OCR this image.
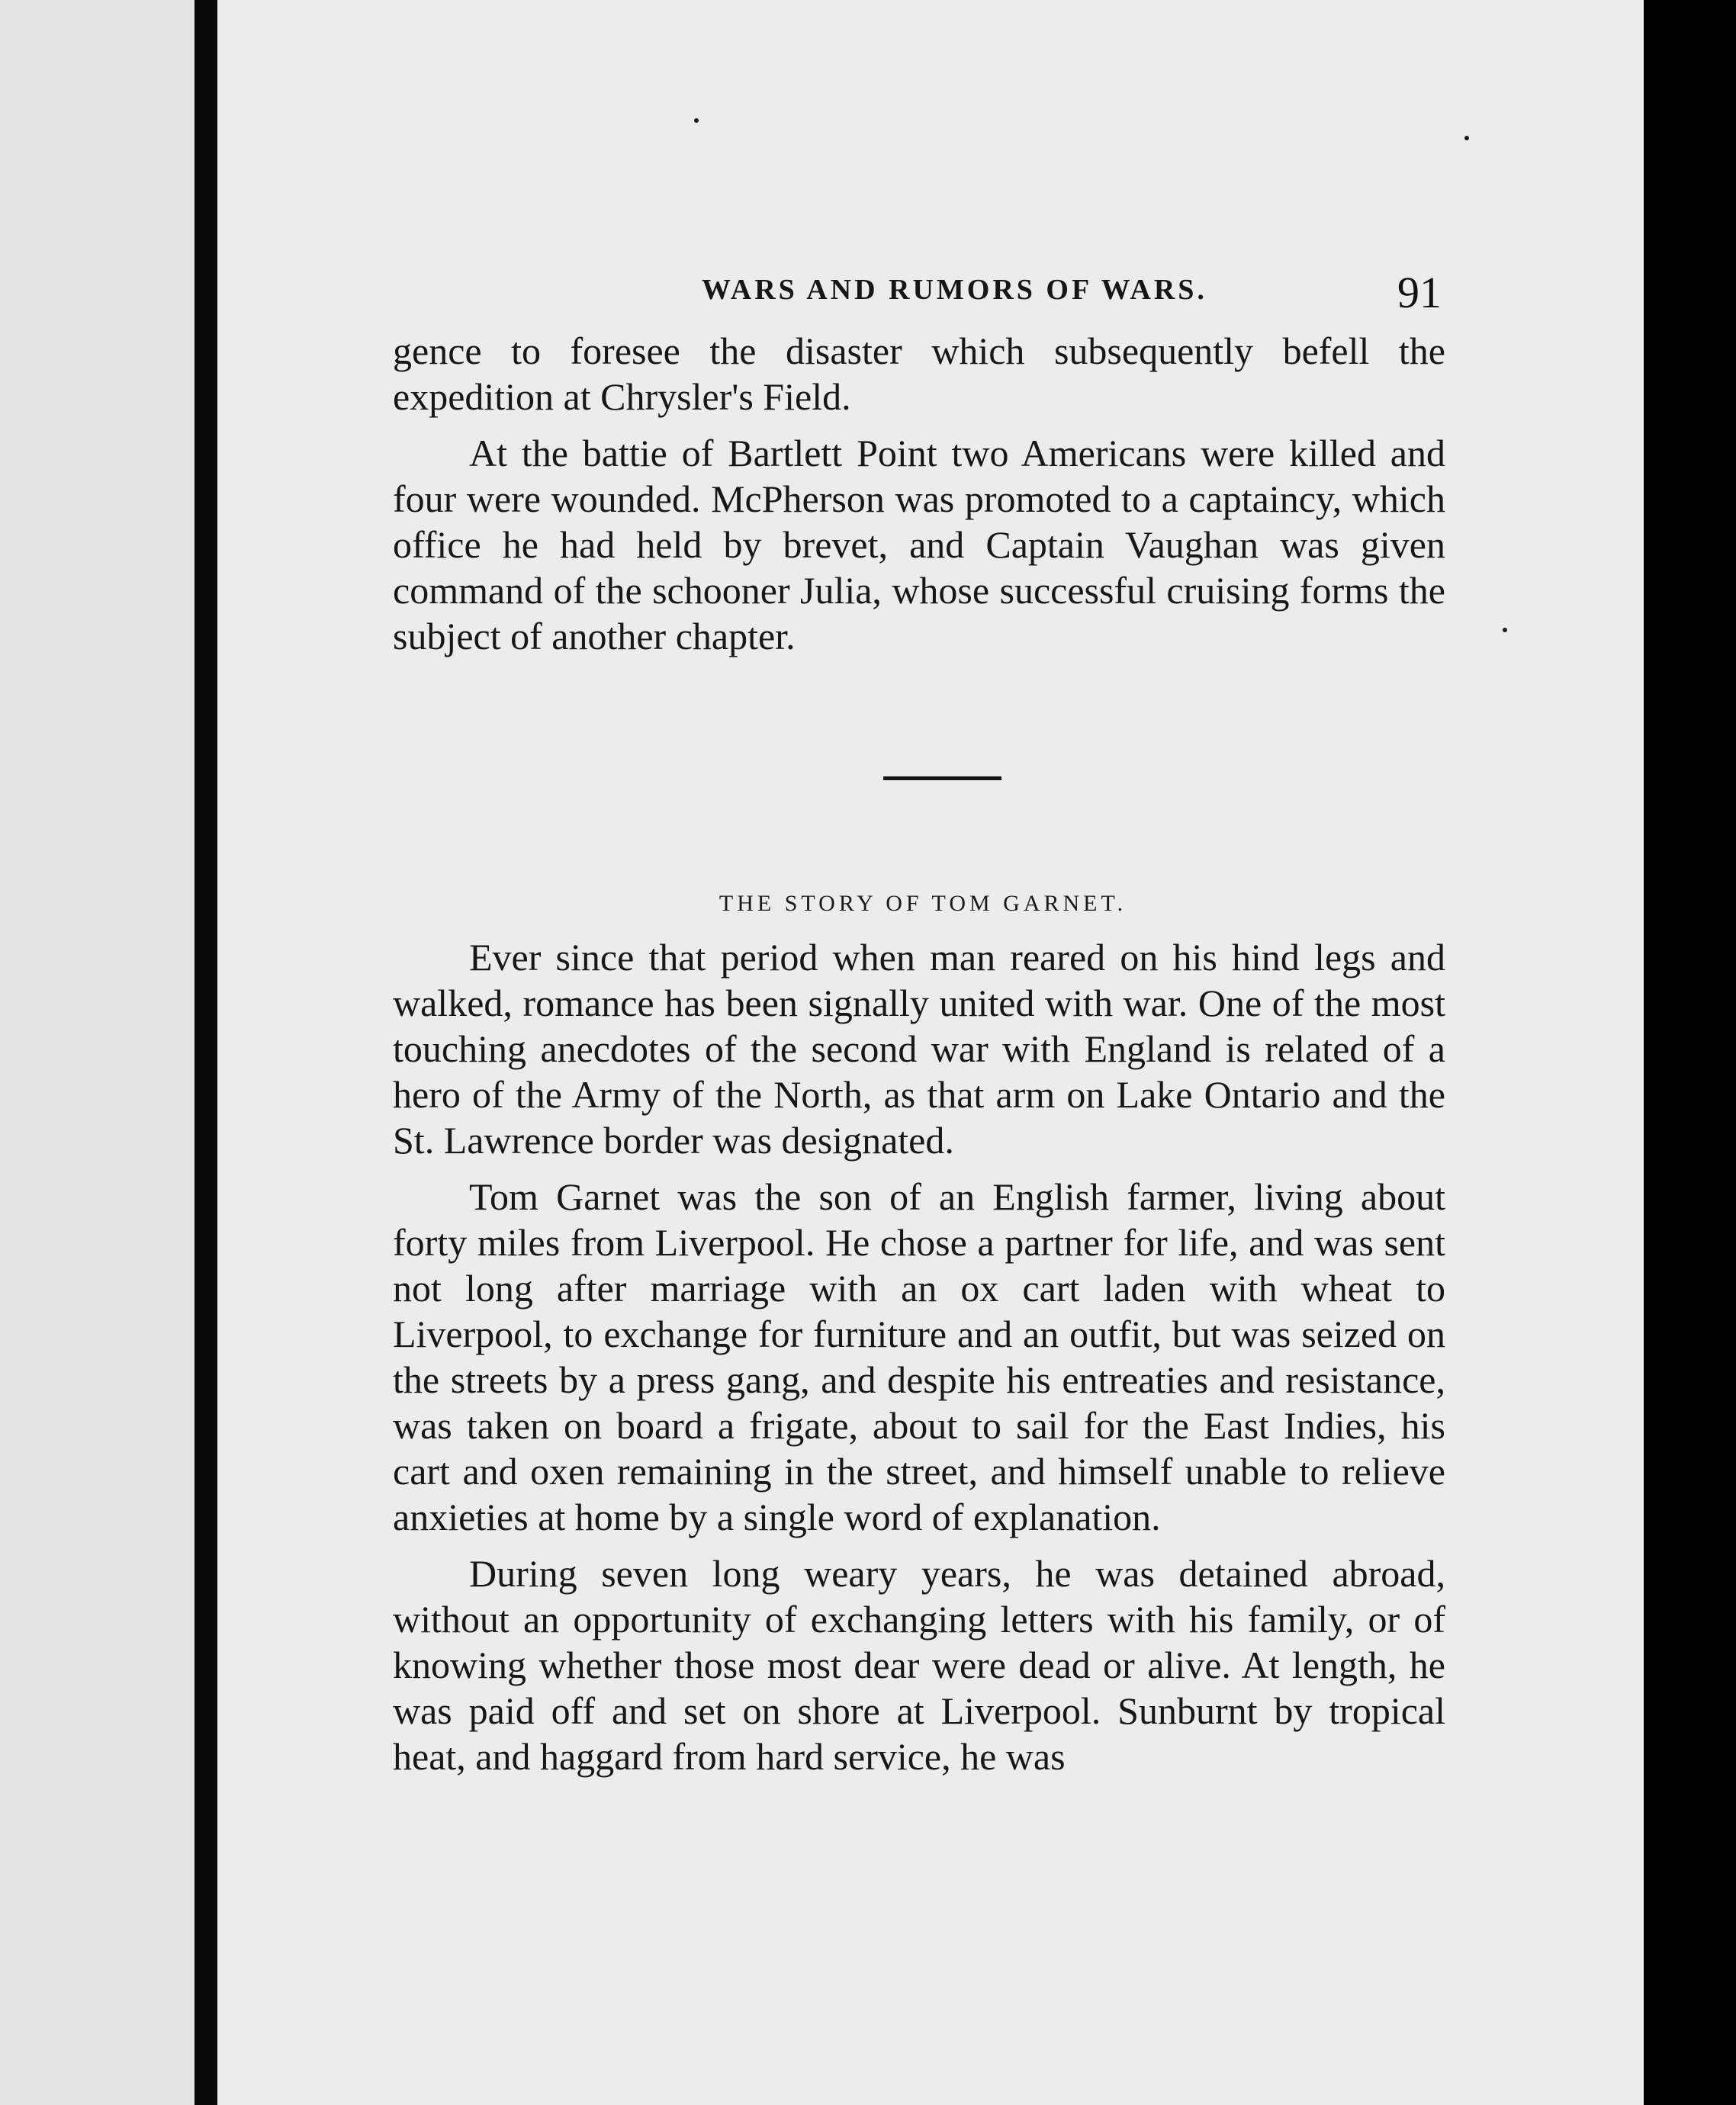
WARS AND RUMORS OF WARS.	91

gence to foresee the disaster which subsequently befell the expedition at Chrysler's Field.

At the battie of Bartlett Point two Americans were killed and four were wounded. McPherson was promoted to a captaincy, which office he had held by brevet, and Captain Vaughan was given command of the schooner Julia, whose successful cruising forms the subject of another chapter.

THE STORY OF TOM GARNET.

Ever since that period when man reared on his hind legs and walked, romance has been signally united with war. One of the most touching anecdotes of the second war with England is related of a hero of the Army of the North, as that arm on Lake Ontario and the St. Lawrence border was designated.

Tom Garnet was the son of an English farmer, living about forty miles from Liverpool. He chose a partner for life, and was sent not long after marriage with an ox cart laden with wheat to Liverpool, to exchange for furniture and an outfit, but was seized on the streets by a press gang, and despite his entreaties and resistance, was taken on board a frigate, about to sail for the East Indies, his cart and oxen remaining in the street, and himself unable to relieve anxieties at home by a single word of explanation.

During seven long weary years, he was detained abroad, without an opportunity of exchanging letters with his family, or of knowing whether those most dear were dead or alive. At length, he was paid off and set on shore at Liverpool. Sunburnt by tropical heat, and haggard from hard service, he was
